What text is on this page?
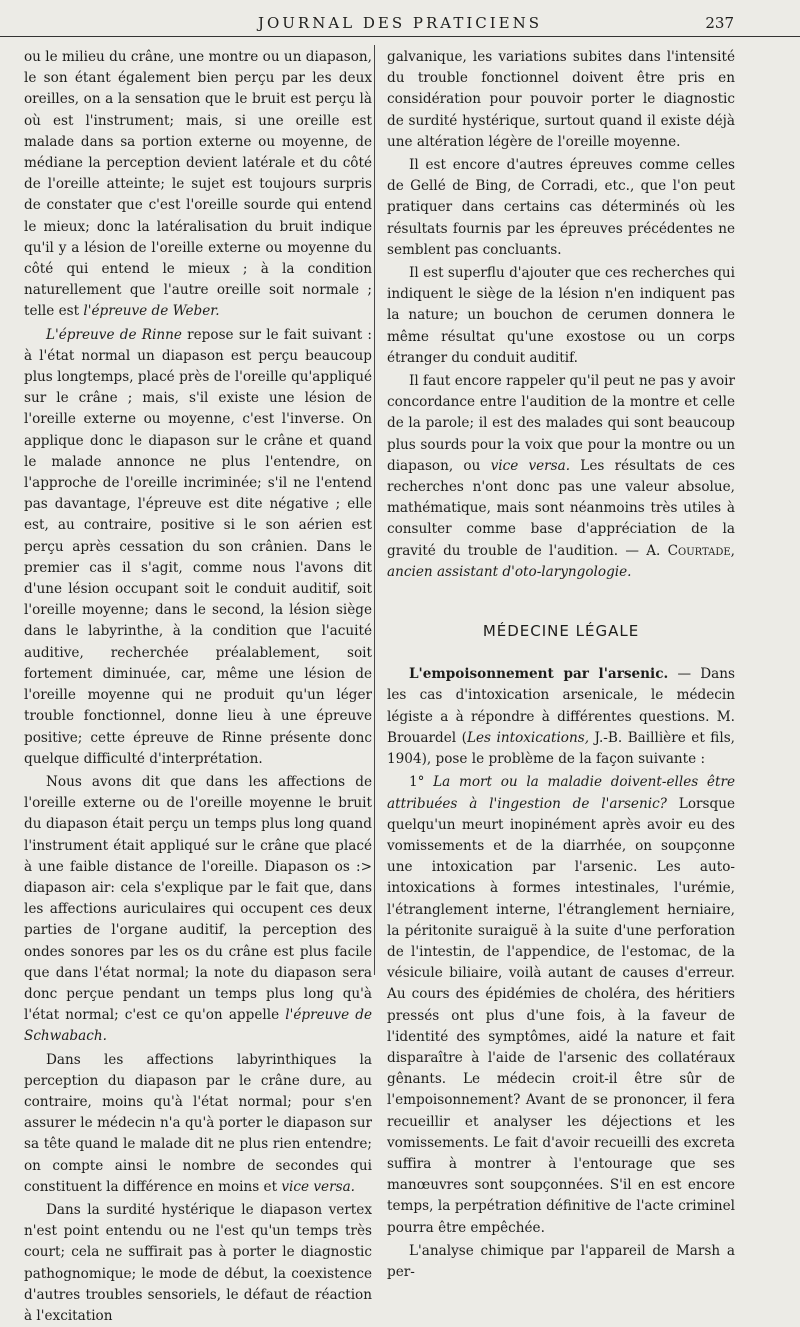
JOURNAL DES PRATICIENS	237

ou le milieu du crâne, une montre ou un diapason, le son étant également bien perçu par les deux oreilles, on a la sensation que le bruit est perçu là où est l'instrument; mais, si une oreille est malade dans sa portion externe ou moyenne, de médiane la perception devient latérale et du côté de l'oreille atteinte; le sujet est toujours surpris de constater que c'est l'oreille sourde qui entend le mieux; donc la latéralisation du bruit indique qu'il y a lésion de l'oreille externe ou moyenne du côté qui entend le mieux ; à la condition naturellement que l'autre oreille soit normale ; telle est l'épreuve de Weber.

L'épreuve de Rinne repose sur le fait suivant : à l'état normal un diapason est perçu beaucoup plus longtemps, placé près de l'oreille qu'appliqué sur le crâne ; mais, s'il existe une lésion de l'oreille externe ou moyenne, c'est l'inverse. On applique donc le diapason sur le crâne et quand le malade annonce ne plus l'entendre, on l'approche de l'oreille incriminée; s'il ne l'entend pas davantage, l'épreuve est dite négative ; elle est, au contraire, positive si le son aérien est perçu après cessation du son crânien. Dans le premier cas il s'agit, comme nous l'avons dit d'une lésion occupant soit le conduit auditif, soit l'oreille moyenne; dans le second, la lésion siège dans le labyrinthe, à la condition que l'acuité auditive, recherchée préalablement, soit fortement diminuée, car, même une lésion de l'oreille moyenne qui ne produit qu'un léger trouble fonctionnel, donne lieu à une épreuve positive; cette épreuve de Rinne présente donc quelque difficulté d'interprétation.

Nous avons dit que dans les affections de l'oreille externe ou de l'oreille moyenne le bruit du diapason était perçu un temps plus long quand l'instrument était appliqué sur le crâne que placé à une faible distance de l'oreille. Diapason os :> diapason air: cela s'explique par le fait que, dans les affections auriculaires qui occupent ces deux parties de l'organe auditif, la perception des ondes sonores par les os du crâne est plus facile que dans l'état normal; la note du diapason sera donc perçue pendant un temps plus long qu'à l'état normal; c'est ce qu'on appelle l'épreuve de Schwabach.

Dans les affections labyrinthiques la perception du diapason par le crâne dure, au contraire, moins qu'à l'état normal; pour s'en assurer le médecin n'a qu'à porter le diapason sur sa tête quand le malade dit ne plus rien entendre; on compte ainsi le nombre de secondes qui constituent la différence en moins et vice versa.

Dans la surdité hystérique le diapason vertex n'est point entendu ou ne l'est qu'un temps très court; cela ne suffirait pas à porter le diagnostic pathognomique; le mode de début, la coexistence d'autres troubles sensoriels, le défaut de réaction à l'excitation

galvanique, les variations subites dans l'intensité du trouble fonctionnel doivent être pris en considération pour pouvoir porter le diagnostic de surdité hystérique, surtout quand il existe déjà une altération légère de l'oreille moyenne.

Il est encore d'autres épreuves comme celles de Gellé de Bing, de Corradi, etc., que l'on peut pratiquer dans certains cas déterminés où les résultats fournis par les épreuves précédentes ne semblent pas concluants.

Il est superflu d'ajouter que ces recherches qui indiquent le siège de la lésion n'en indiquent pas la nature; un bouchon de cerumen donnera le même résultat qu'une exostose ou un corps étranger du conduit auditif.

Il faut encore rappeler qu'il peut ne pas y avoir concordance entre l'audition de la montre et celle de la parole; il est des malades qui sont beaucoup plus sourds pour la voix que pour la montre ou un diapason, ou vice versa. Les résultats de ces recherches n'ont donc pas une valeur absolue, mathématique, mais sont néanmoins très utiles à consulter comme base d'appréciation de la gravité du trouble de l'audition. — A. Courtade, ancien assistant d'oto-laryngologie.

MÉDECINE LÉGALE

L'empoisonnement par l'arsenic. — Dans les cas d'intoxication arsenicale, le médecin légiste a à répondre à différentes questions. M. Brouardel (Les intoxications, J.-B. Baillière et fils, 1904), pose le problème de la façon suivante :

1° La mort ou la maladie doivent-elles être attribuées à l'ingestion de l'arsenic? Lorsque quelqu'un meurt inopinément après avoir eu des vomissements et de la diarrhée, on soupçonne une intoxication par l'arsenic. Les auto-intoxications à formes intestinales, l'urémie, l'étranglement interne, l'étranglement herniaire, la péritonite suraiguë à la suite d'une perforation de l'intestin, de l'appendice, de l'estomac, de la vésicule biliaire, voilà autant de causes d'erreur. Au cours des épidémies de choléra, des héritiers pressés ont plus d'une fois, à la faveur de l'identité des symptômes, aidé la nature et fait disparaître à l'aide de l'arsenic des collatéraux gênants. Le médecin croit-il être sûr de l'empoisonnement? Avant de se prononcer, il fera recueillir et analyser les déjections et les vomissements. Le fait d'avoir recueilli des excreta suffira à montrer à l'entourage que ses manœuvres sont soupçonnées. S'il en est encore temps, la perpétration définitive de l'acte criminel pourra être empêchée.

L'analyse chimique par l'appareil de Marsh a per-
